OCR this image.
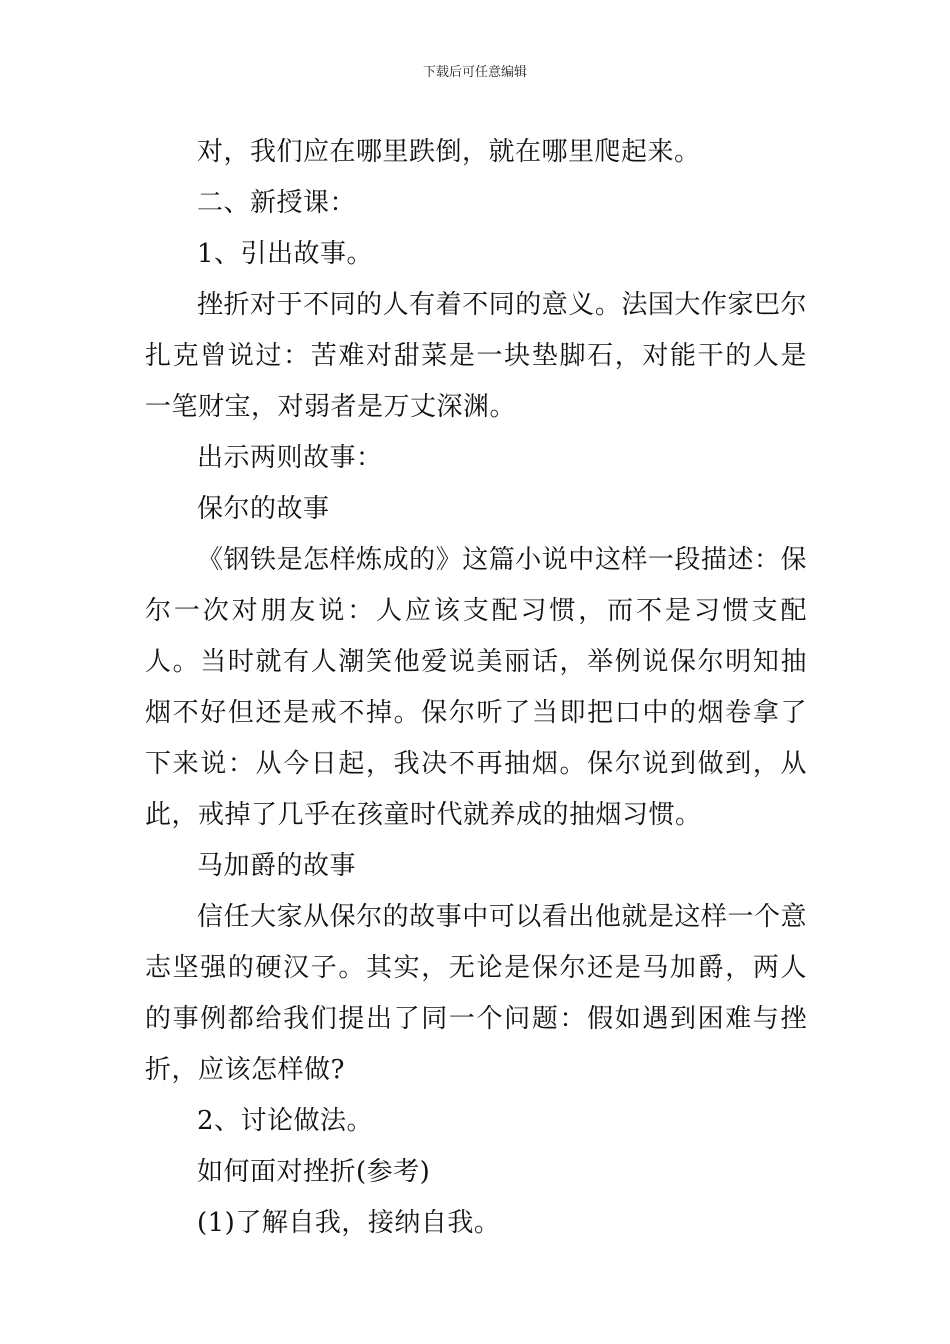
下载后可任意编辑

对，我们应在哪里跌倒，就在哪里爬起来。

二、新授课：

1、引出故事。

挫折对于不同的人有着不同的意义。法国大作家巴尔扎克曾说过：苦难对甜菜是一块垫脚石，对能干的人是一笔财宝，对弱者是万丈深渊。

出示两则故事：

保尔的故事

《钢铁是怎样炼成的》这篇小说中这样一段描述：保尔一次对朋友说：人应该支配习惯，而不是习惯支配人。当时就有人潮笑他爱说美丽话，举例说保尔明知抽烟不好但还是戒不掉。保尔听了当即把口中的烟卷拿了下来说：从今日起，我决不再抽烟。保尔说到做到，从此，戒掉了几乎在孩童时代就养成的抽烟习惯。

马加爵的故事

信任大家从保尔的故事中可以看出他就是这样一个意志坚强的硬汉子。其实，无论是保尔还是马加爵，两人的事例都给我们提出了同一个问题：假如遇到困难与挫折，应该怎样做?

2、讨论做法。

如何面对挫折(参考)

(1)了解自我，接纳自我。
